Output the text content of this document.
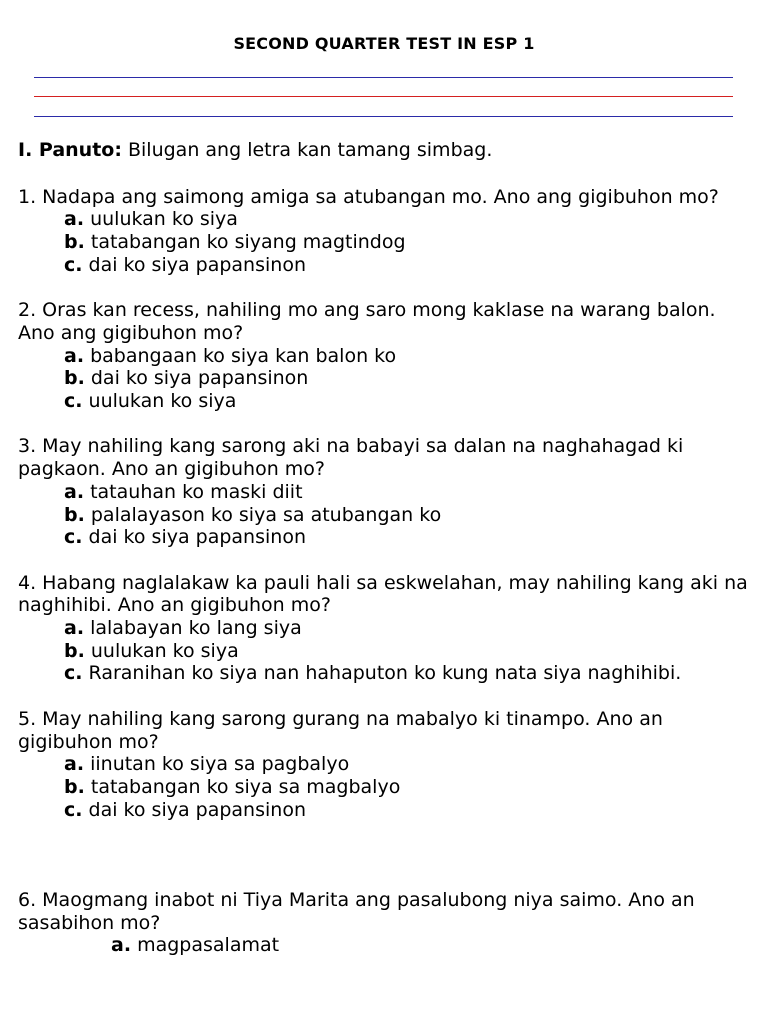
SECOND QUARTER TEST IN ESP 1

I. Panuto: Bilugan ang letra kan tamang simbag.

1. Nadapa ang saimong amiga sa atubangan mo. Ano ang gigibuhon mo?

a. uulukan ko siya

b. tatabangan ko siyang magtindog

c. dai ko siya papansinon

2. Oras kan recess, nahiling mo ang saro mong kaklase na warang balon. Ano ang gigibuhon mo?

a. babangaan ko siya kan balon ko

b. dai ko siya papansinon

c. uulukan ko siya

3. May nahiling kang sarong aki na babayi sa dalan na naghahagad ki pagkaon. Ano an gigibuhon mo?

a. tatauhan ko maski diit

b. palalayason ko siya sa atubangan ko

c. dai ko siya papansinon

4. Habang naglalakaw ka pauli hali sa eskwelahan, may nahiling kang aki na naghihibi. Ano an gigibuhon mo?

a. lalabayan ko lang siya

b. uulukan ko siya

c. Raranihan ko siya nan hahaputon ko kung nata siya naghihibi.

5. May nahiling kang sarong gurang na mabalyo ki tinampo. Ano an gigibuhon mo?

a. iinutan ko siya sa pagbalyo

b. tatabangan ko siya sa magbalyo

c. dai ko siya papansinon

6. Maogmang inabot ni Tiya Marita ang pasalubong niya saimo. Ano an sasabihon mo?

a. magpasalamat
